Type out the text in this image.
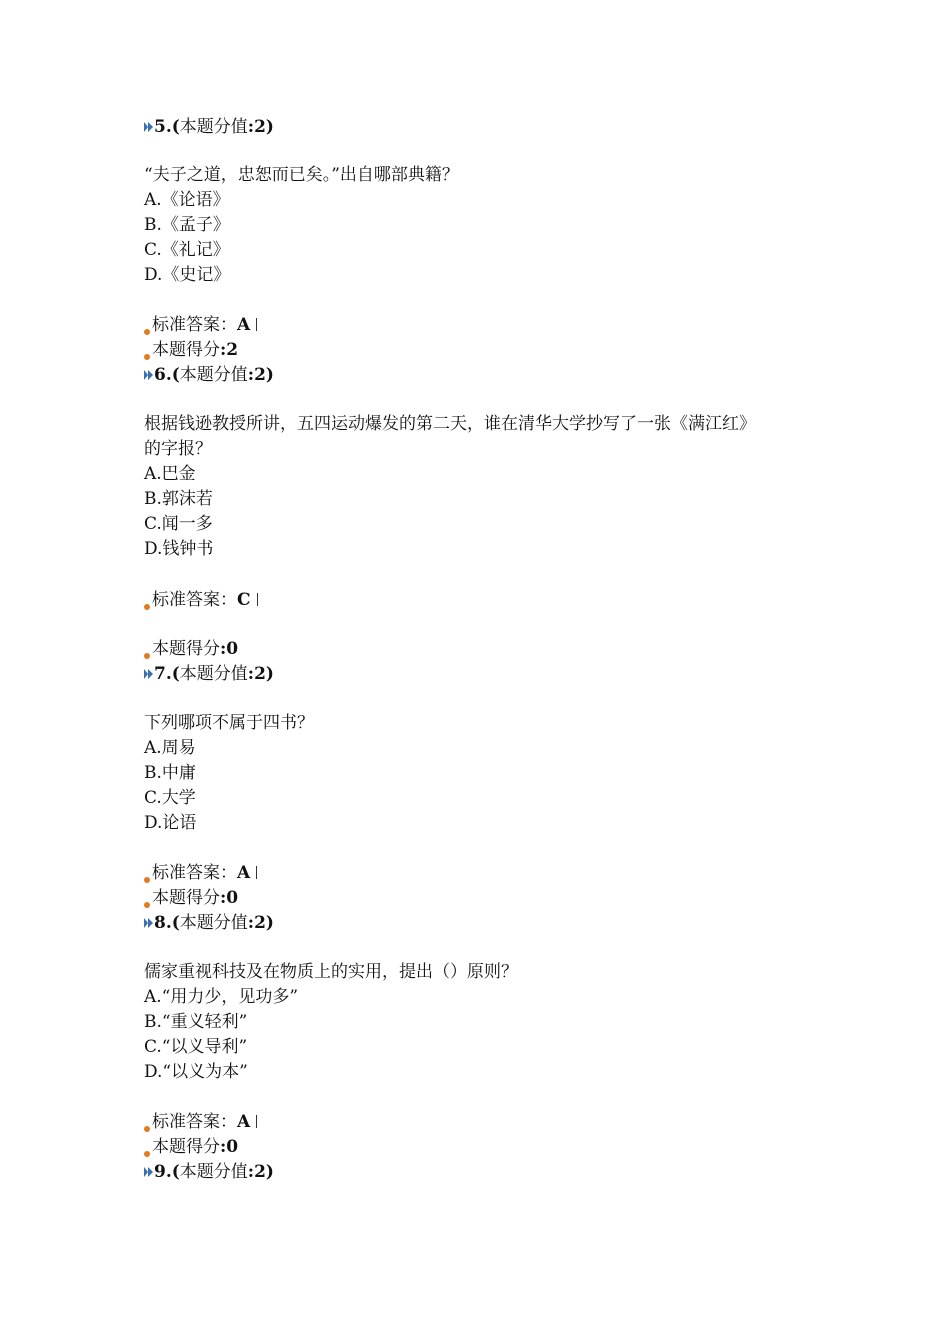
5.(本题分值:2)
“夫子之道，忠恕而已矣。”出自哪部典籍？
A.《论语》
B.《孟子》
C.《礼记》
D.《史记》
标准答案：A
本题得分:2
6.(本题分值:2)
根据钱逊教授所讲，五四运动爆发的第二天，谁在清华大学抄写了一张《满江红》
的字报？
A.巴金
B.郭沫若
C.闻一多
D.钱钟书
标准答案：C
本题得分:0
7.(本题分值:2)
下列哪项不属于四书？
A.周易
B.中庸
C.大学
D.论语
标准答案：A
本题得分:0
8.(本题分值:2)
儒家重视科技及在物质上的实用，提出（）原则？
A.“用力少，见功多”
B.“重义轻利”
C.“以义导利”
D.“以义为本”
标准答案：A
本题得分:0
9.(本题分值:2)
